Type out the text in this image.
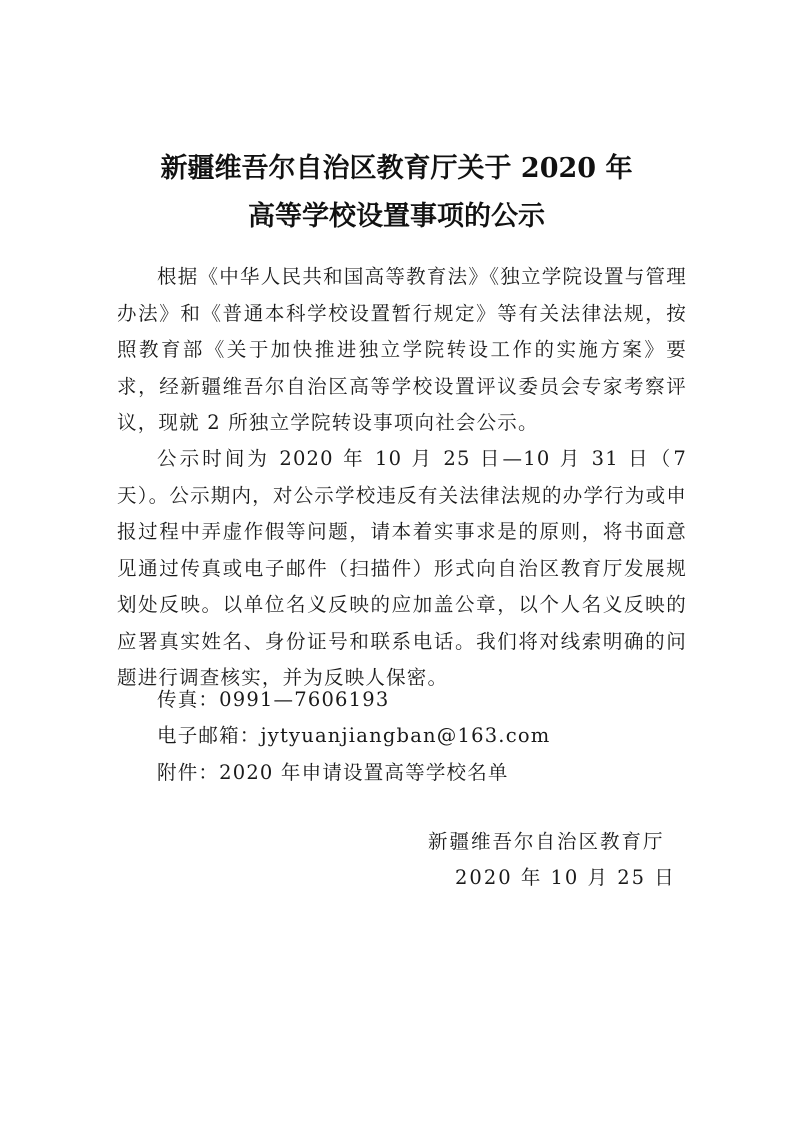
新疆维吾尔自治区教育厅关于 2020 年
高等学校设置事项的公示

根据《中华人民共和国高等教育法》《独立学院设置与管理办法》和《普通本科学校设置暂行规定》等有关法律法规，按照教育部《关于加快推进独立学院转设工作的实施方案》要求，经新疆维吾尔自治区高等学校设置评议委员会专家考察评议，现就 2 所独立学院转设事项向社会公示。

公示时间为 2020 年 10 月 25 日—10 月 31 日（7 天）。公示期内，对公示学校违反有关法律法规的办学行为或申报过程中弄虚作假等问题，请本着实事求是的原则，将书面意见通过传真或电子邮件（扫描件）形式向自治区教育厅发展规划处反映。以单位名义反映的应加盖公章，以个人名义反映的应署真实姓名、身份证号和联系电话。我们将对线索明确的问题进行调查核实，并为反映人保密。

传真：0991—7606193
电子邮箱：jytyuanjiangban@163.com
附件：2020 年申请设置高等学校名单
新疆维吾尔自治区教育厅
2020 年 10 月 25 日
